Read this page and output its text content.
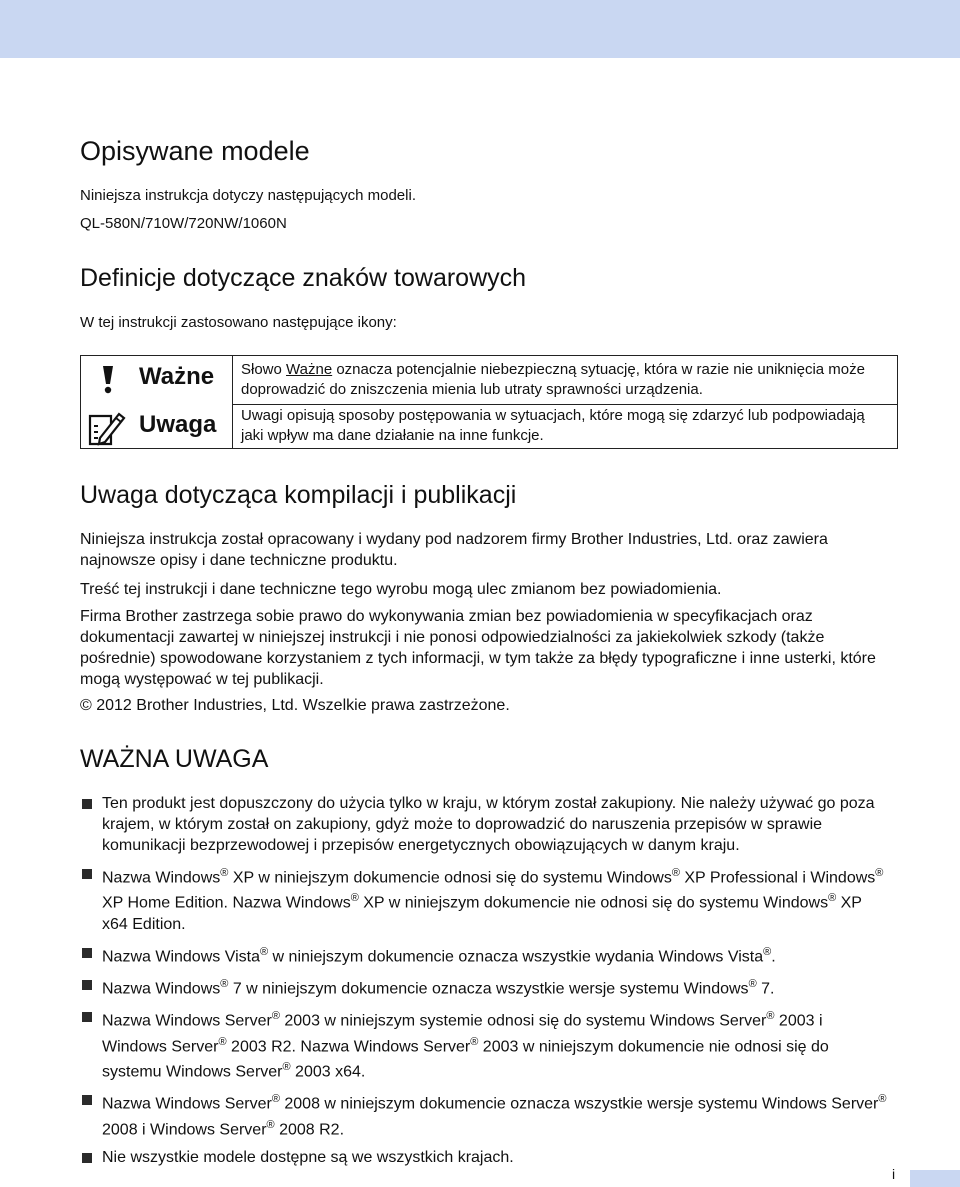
Opisywane modele

Niniejsza instrukcja dotyczy następujących modeli.

QL-580N/710W/720NW/1060N

Definicje dotyczące znaków towarowych

W tej instrukcji zastosowano następujące ikony:

Ważne Słowo Ważne oznacza potencjalnie niebezpieczną sytuację, która w razie nie uniknięcia może doprowadzić do zniszczenia mienia lub utraty sprawności urządzenia.
Uwaga Uwagi opisują sposoby postępowania w sytuacjach, które mogą się zdarzyć lub podpowiadają jaki wpływ ma dane działanie na inne funkcje.
Uwaga dotycząca kompilacji i publikacji

Niniejsza instrukcja został opracowany i wydany pod nadzorem firmy Brother Industries, Ltd. oraz zawiera najnowsze opisy i dane techniczne produktu.

Treść tej instrukcji i dane techniczne tego wyrobu mogą ulec zmianom bez powiadomienia.

Firma Brother zastrzega sobie prawo do wykonywania zmian bez powiadomienia w specyfikacjach oraz dokumentacji zawartej w niniejszej instrukcji i nie ponosi odpowiedzialności za jakiekolwiek szkody (także pośrednie) spowodowane korzystaniem z tych informacji, w tym także za błędy typograficzne i inne usterki, które mogą występować w tej publikacji.

© 2012 Brother Industries, Ltd. Wszelkie prawa zastrzeżone.

WAŻNA UWAGA
Ten produkt jest dopuszczony do użycia tylko w kraju, w którym został zakupiony. Nie należy używać go poza krajem, w którym został on zakupiony, gdyż może to doprowadzić do naruszenia przepisów w sprawie komunikacji bezprzewodowej i przepisów energetycznych obowiązujących w danym kraju.
Nazwa Windows® XP w niniejszym dokumencie odnosi się do systemu Windows® XP Professional i Windows® XP Home Edition. Nazwa Windows® XP w niniejszym dokumencie nie odnosi się do systemu Windows® XP x64 Edition.
Nazwa Windows Vista® w niniejszym dokumencie oznacza wszystkie wydania Windows Vista®.
Nazwa Windows® 7 w niniejszym dokumencie oznacza wszystkie wersje systemu Windows® 7.
Nazwa Windows Server® 2003 w niniejszym systemie odnosi się do systemu Windows Server® 2003 i Windows Server® 2003 R2. Nazwa Windows Server® 2003 w niniejszym dokumencie nie odnosi się do systemu Windows Server® 2003 x64.
Nazwa Windows Server® 2008 w niniejszym dokumencie oznacza wszystkie wersje systemu Windows Server® 2008 i Windows Server® 2008 R2.
Nie wszystkie modele dostępne są we wszystkich krajach.
i
